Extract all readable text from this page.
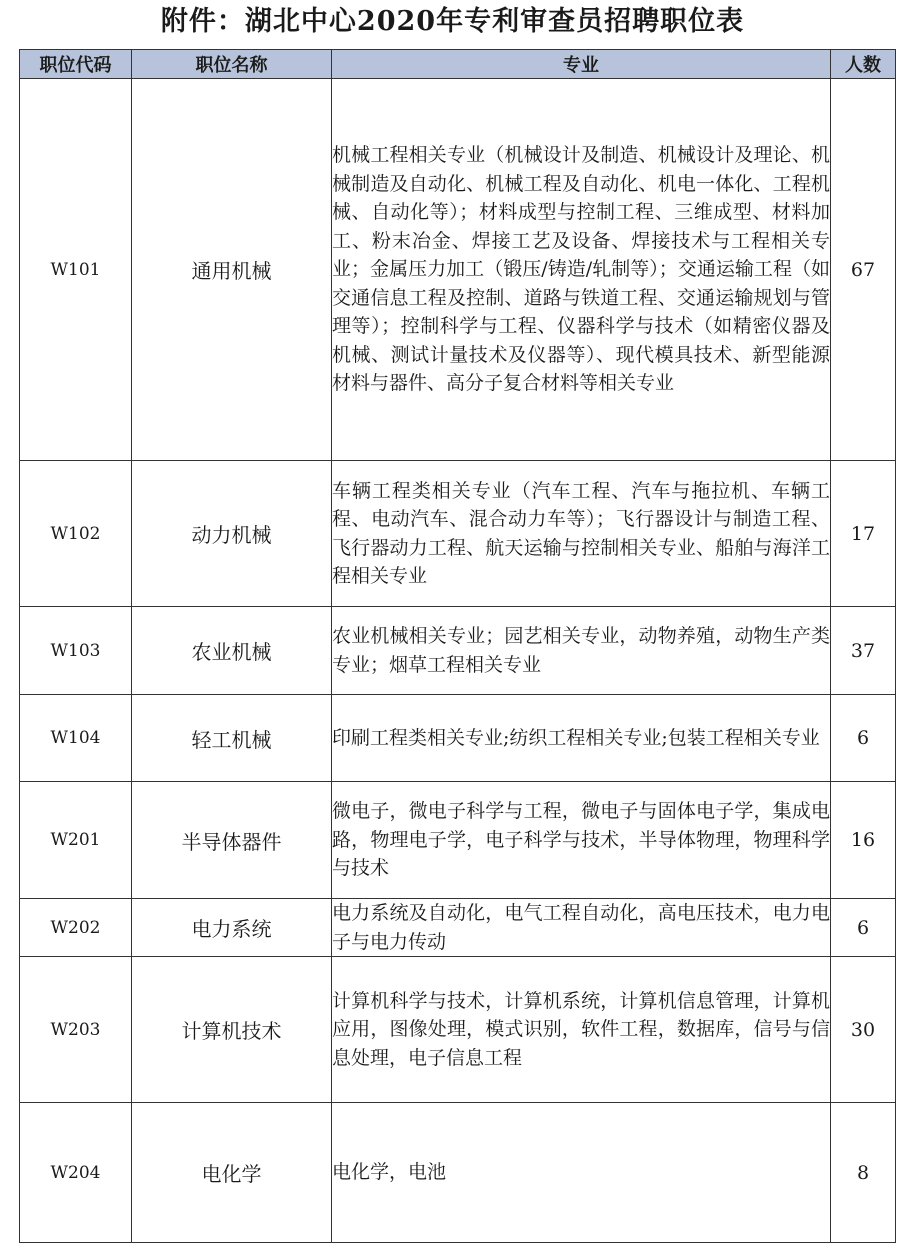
附件：湖北中心2020年专利审查员招聘职位表
职位代码	职位名称	专业	人数
W101	通用机械	机械工程相关专业（机械设计及制造、机械设计及理论、机械制造及自动化、机械工程及自动化、机电一体化、工程机械、自动化等）；材料成型与控制工程、三维成型、材料加工、粉末冶金、焊接工艺及设备、焊接技术与工程相关专业；金属压力加工（锻压/铸造/轧制等）；交通运输工程（如交通信息工程及控制、道路与铁道工程、交通运输规划与管理等）；控制科学与工程、仪器科学与技术（如精密仪器及机械、测试计量技术及仪器等）、现代模具技术、新型能源材料与器件、高分子复合材料等相关专业	67
W102	动力机械	车辆工程类相关专业（汽车工程、汽车与拖拉机、车辆工程、电动汽车、混合动力车等）；飞行器设计与制造工程、飞行器动力工程、航天运输与控制相关专业、船舶与海洋工程相关专业	17
W103	农业机械	农业机械相关专业；园艺相关专业，动物养殖，动物生产类专业；烟草工程相关专业	37
W104	轻工机械	印刷工程类相关专业;纺织工程相关专业;包装工程相关专业	6
W201	半导体器件	微电子，微电子科学与工程，微电子与固体电子学，集成电路，物理电子学，电子科学与技术，半导体物理，物理科学与技术	16
W202	电力系统	电力系统及自动化，电气工程自动化，高电压技术，电力电子与电力传动	6
W203	计算机技术	计算机科学与技术，计算机系统，计算机信息管理，计算机应用，图像处理，模式识别，软件工程，数据库，信号与信息处理，电子信息工程	30
W204	电化学	电化学，电池	8
